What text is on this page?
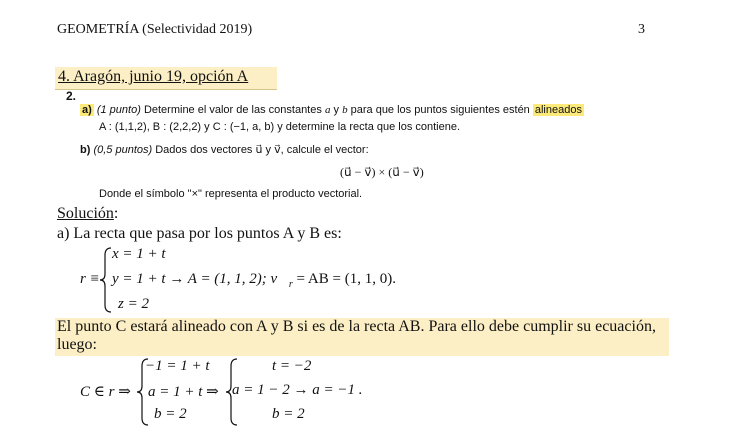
GEOMETRÍA (Selectividad 2019)	3
4. Aragón, junio 19, opción A
2.
a) (1 punto) Determine el valor de las constantes a y b para que los puntos siguientes estén alineados
A : (1,1,2), B : (2,2,2) y C : (−1, a, b) y determine la recta que los contiene.
b) (0,5 puntos) Dados dos vectores u⃗ y v⃗, calcule el vector:
(u⃗ − v⃗) × (u⃗ − v⃗)
Donde el símbolo "×" representa el producto vectorial.
Solución:
a) La recta que pasa por los puntos A y B es:
r ≡
x = 1 + t
y = 1 + t → A = (1, 1, 2); $v⃗_r$ = AB = (1, 1, 0).
z = 2
El punto C estará alineado con A y B si es de la recta AB. Para ello debe cumplir su ecuación,
luego:
C ∈ r ⇒
−1 = 1 + t
a = 1 + t ⇒
b = 2
t = −2
a = 1 − 2 → a = −1 .
b = 2
